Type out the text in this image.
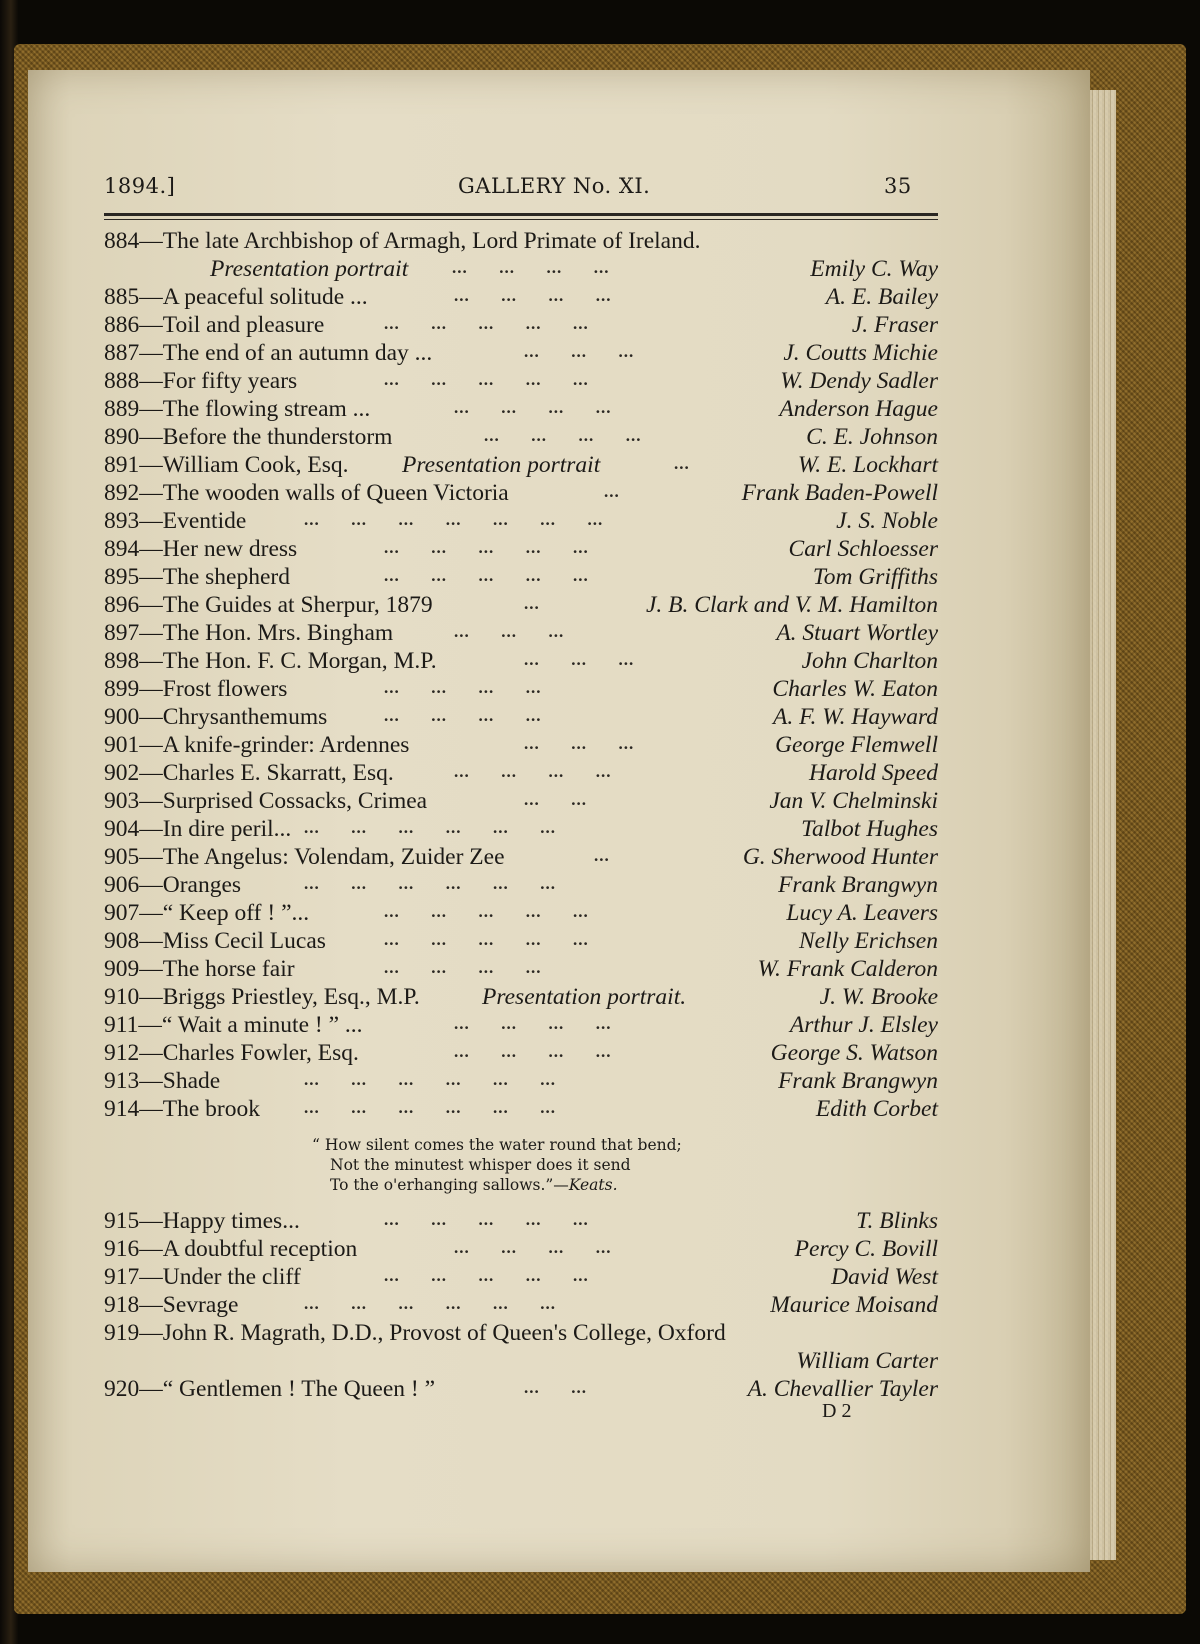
1894.]	GALLERY No. XI.	35
884—The late Archbishop of Armagh, Lord Primate of Ireland.
Presentation portrait	...      ...      ...      ...	Emily C. Way
885—A peaceful solitude ...	...      ...      ...      ...	A. E. Bailey
886—Toil and pleasure	...      ...      ...      ...      ...	J. Fraser
887—The end of an autumn day ...	...      ...      ...	J. Coutts Michie
888—For fifty years	...      ...      ...      ...      ...	W. Dendy Sadler
889—The flowing stream ...	...      ...      ...      ...	Anderson Hague
890—Before the thunderstorm	...      ...      ...      ...	C. E. Johnson
891—William Cook, Esq. Presentation portrait	...	W. E. Lockhart
892—The wooden walls of Queen Victoria	...	Frank Baden-Powell
893—Eventide	...      ...      ...      ...      ...      ...      ...	J. S. Noble
894—Her new dress	...      ...      ...      ...      ...	Carl Schloesser
895—The shepherd	...      ...      ...      ...      ...	Tom Griffiths
896—The Guides at Sherpur, 1879	...	J. B. Clark and V. M. Hamilton
897—The Hon. Mrs. Bingham	...      ...      ...	A. Stuart Wortley
898—The Hon. F. C. Morgan, M.P.	...      ...      ...	John Charlton
899—Frost flowers	...      ...      ...      ...	Charles W. Eaton
900—Chrysanthemums	...      ...      ...      ...	A. F. W. Hayward
901—A knife-grinder: Ardennes	...      ...      ...	George Flemwell
902—Charles E. Skarratt, Esq.	...      ...      ...      ...	Harold Speed
903—Surprised Cossacks, Crimea	...      ...	Jan V. Chelminski
904—In dire peril... ...      ...      ...      ...      ...      ...	Talbot Hughes
905—The Angelus: Volendam, Zuider Zee	...	G. Sherwood Hunter
906—Oranges	...      ...      ...      ...      ...      ...	Frank Brangwyn
907—“ Keep off ! ”...	...      ...      ...      ...      ...	Lucy A. Leavers
908—Miss Cecil Lucas	...      ...      ...      ...      ...	Nelly Erichsen
909—The horse fair	...      ...      ...      ...	W. Frank Calderon
910—Briggs Priestley, Esq., M.P.	Presentation portrait.	J. W. Brooke
911—“ Wait a minute ! ” ...	...      ...      ...      ...	Arthur J. Elsley
912—Charles Fowler, Esq.	...      ...      ...      ...	George S. Watson
913—Shade	...      ...      ...      ...      ...      ...	Frank Brangwyn
914—The brook	...      ...      ...      ...      ...      ...	Edith Corbet
“ How silent comes the water round that bend;
Not the minutest whisper does it send
To the o'erhanging sallows.”—Keats.
915—Happy times...	...      ...      ...      ...      ...	T. Blinks
916—A doubtful reception	...      ...      ...      ...	Percy C. Bovill
917—Under the cliff	...      ...      ...      ...      ...	David West
918—Sevrage	...      ...      ...      ...      ...      ...	Maurice Moisand
919—John R. Magrath, D.D., Provost of Queen's College, Oxford
William Carter
920—“ Gentlemen ! The Queen ! ”	...      ...	A. Chevallier Tayler
D 2
